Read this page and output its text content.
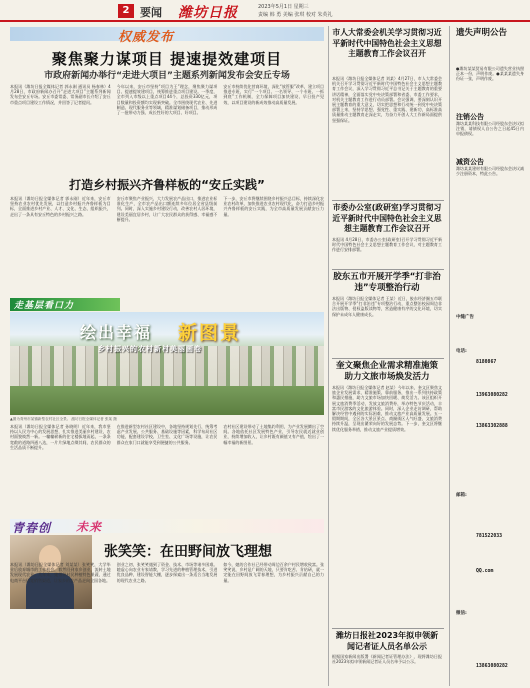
2 要闻 潍坊日报	2023年5月1日 星期三
责编 韩 勇 美编 张琪 校对 朱英礼
权威发布
聚焦聚力谋项目 提速提效建项目
市政府新闻办举行“走进大项目”主题系列新闻发布会安丘专场
本报讯（潍坊日报全媒体记者 郭永刚 通讯员 杨春林）4月28日，市政府新闻办召开“走进大项目”主题系列新闻发布会安丘专场。安丘市委常委、常务副市长介绍了安丘市重点项目建设工作情况，并回答了记者提问。
今年以来，安丘市坚持“项目为王”理念，聚焦聚力谋项目、提速提效建项目，统筹推进重点项目建设。一季度，全市列入市级以上重点项目44个，总投资330亿元，项目数量和投资额均实现新突破。全市围绕现代农业、先进制造、现代服务业等领域，精准谋划储备项目，推动形成了一批带动力强、成长性好的大项目、好项目。
安丘市持续优化营商环境，深化“放管服”改革，建立项目推进专班，实行“一个项目、一名领导、一个专班、一抓到底”工作机制，全力保障项目加快建设、早日投产见效，以项目建设的新成效推动高质量发展。
打造乡村振兴齐鲁样板的“安丘实践”
本报讯（潍坊日报全媒体记者 郭永刚）近年来，安丘市坚持农业农村优先发展，以打造乡村振兴齐鲁样板为目标，全面推进乡村产业、人才、文化、生态、组织振兴，走出了一条具有安丘特色的乡村振兴之路。
安丘市聚焦产业振兴，大力发展农产品出口，推进农业标准化生产，全市农产品出口额连续多年位居全省县级前列。同时，深入实施乡村建设行动，改善农村人居环境，建设美丽宜居乡村，让广大农民群众的获得感、幸福感不断提升。
下一步，安丘市将继续围绕乡村振兴总目标，持续深化农业农村改革，加快推进农业农村现代化，奋力打造乡村振兴齐鲁样板的安丘实践，为全市高质量发展贡献安丘力量。
走基层看口力
绘出幸福 新图景
乡村振兴的农村新村美丽画卷
▲图为青州市某镇新型农村社区全景。 潍坊日报全媒体记者 张某 摄
本报讯（潍坊日报全媒体记者 孙晓明）近年来，我市坚持以人民为中心的发展思想，扎实推进美丽乡村建设，农村面貌焕然一新。一幢幢崭新的住宅楼拔地而起，一条条宽敞的道路四通八达，一片片绿地点缀其间，农民群众的生活品质不断提升。
在推进新型农村社区建设中，各地坚持规划先行，统筹考虑产业发展、公共服务、基础设施等因素，科学布局社区功能，配套建设学校、卫生室、文化广场等设施，让农民群众在家门口就能享受到便捷的公共服务。
农村社区建设带动了土地集约利用，为产业发展腾出了空间。各地依托社区发展特色产业，引导农民就近就业创业，持续增加收入，让乡村既有颜值又有产值，绘出了一幅幸福的新图景。
青春创 未来
张笑笑：在田野间放飞理想
本报讯（潍坊日报全媒体记者 刘某某）张笑笑，大学毕业后放弃城市的工作机会，毅然回到家乡创业，流转土地发展现代农业。几年来，她带领村民种植特色果蔬，通过电商平台拓宽销售渠道，让家乡的农产品走向全国各地。
创业之初，张笑笑遇到了资金、技术、市场等诸多困难。她虚心向农业专家请教，学习先进的种植管理技术，引进优良品种，建设智能大棚，逐步探索出一条适合当地发展的现代农业之路。
如今，她的合作社已经带动周边百余户村民增收致富。张笑笑说，乡村是广阔的天地，只要肯吃苦、肯钻研，就一定能在田野间放飞青春理想，为乡村振兴贡献自己的力量。
市人大常委会机关学习贯彻习近平新时代中国特色社会主义思想主题教育工作会议召开
本报讯（潍坊日报全媒体记者 刘某）4月27日，市人大常委会机关召开学习贯彻习近平新时代中国特色社会主义思想主题教育工作会议，深入学习贯彻习近平总书记关于主题教育的重要讲话精神，全面落实党中央决策部署和省委、市委工作要求，对机关主题教育工作进行动员部署。会议强调，要深刻认识开展主题教育的重大意义，切实把思想和行动统一到党中央决策部署上来，坚持学思想、强党性、重实践、建新功，高标准高质量推动主题教育走深走实，为奋力开创人大工作新局面提供坚强保证。
市委办公室(政研室)学习贯彻习近平新时代中国特色社会主义思想主题教育工作会议召开
本报讯 4月28日，市委办公室(政研室)召开学习贯彻习近平新时代中国特色社会主义思想主题教育工作会议，对主题教育工作进行安排部署。
胶东五市开展开学季“打非治违”专项整治行动
本报讯（潍坊日报全媒体记者 王某）近日，胶东经济圈五市联合开展开学季“打非治违”专项整治行动，重点整治校园周边非法出版物、侵权盗版读物等，营造健康有序的文化环境，切实保护未成年人健康成长。
奎文聚焦企业需求精准施策助力文旅市场焕发活力
本报讯（潍坊日报全媒体记者 赵某）今年以来，奎文区聚焦文旅企业发展需求，精准施策、靠前服务，推出一系列扶持政策和惠民措施，助力文旅市场加快回暖、焕发活力。该区组织开展文旅消费季活动，发放文旅消费券，举办特色节庆活动，丰富市民游客的文化旅游体验。同时，深入企业走访调研，帮助解决经营中遇到的实际困难，推动文旅产业高质量发展。五一假期期间，全区各大景区景点、商圈街区人气旺盛，文旅消费持续升温，呈现出繁荣向好的发展态势。下一步，奎文区将继续优化服务举措，推动文旅产业提质增效。
潍坊日报社2023年拟申领新闻记者证人员名单公示
根据国家新闻出版署《新闻记者证管理办法》，现将潍坊日报社2023年拟申领新闻记者证人员名单予以公示。
遗失声明公告
●潍坊某某贸易有限公司遗失营业执照正本一份，声明作废。●某某某遗失身份证一张，声明作废。
注销公告
潍坊某某科技有限公司经股东会决议拟注销，请债权人自公告之日起45日内申报债权。
减资公告
潍坊某某建材有限公司经股东会决议减少注册资本，特此公告。
中缝广告
电话:
8180867
13963080282
13863302888
邮箱:
781522033
QQ.com
微信:
13863080282
